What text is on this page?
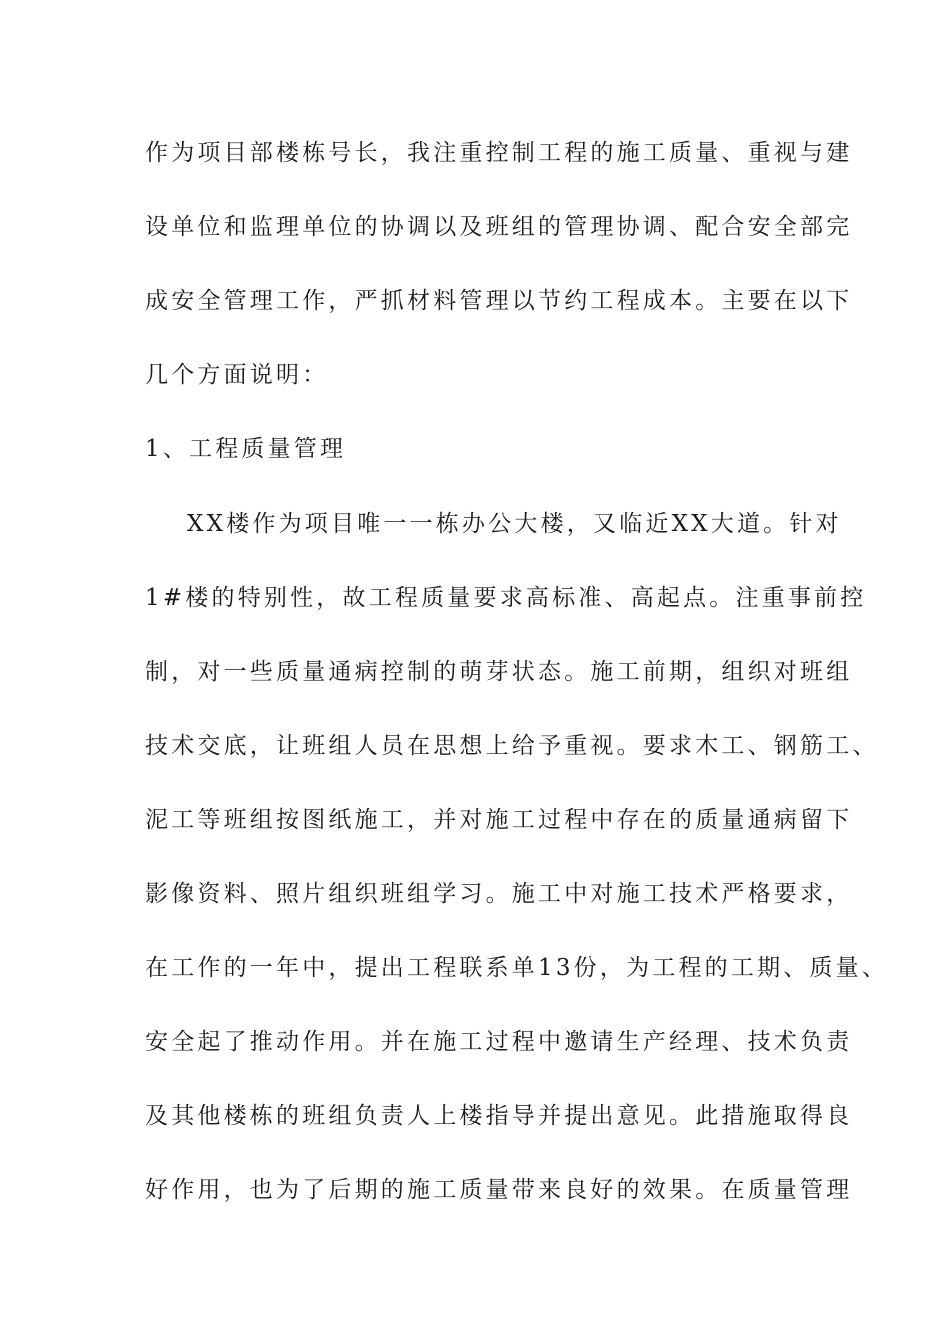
作为项目部楼栋号长，我注重控制工程的施工质量、重视与建
设单位和监理单位的协调以及班组的管理协调、配合安全部完
成安全管理工作，严抓材料管理以节约工程成本。主要在以下
几个方面说明：
1、工程质量管理
XX楼作为项目唯一一栋办公大楼，又临近XX大道。针对
1#楼的特别性，故工程质量要求高标准、高起点。注重事前控
制，对一些质量通病控制的萌芽状态。施工前期，组织对班组
技术交底，让班组人员在思想上给予重视。要求木工、钢筋工、
泥工等班组按图纸施工，并对施工过程中存在的质量通病留下
影像资料、照片组织班组学习。施工中对施工技术严格要求，
在工作的一年中，提出工程联系单13份，为工程的工期、质量、
安全起了推动作用。并在施工过程中邀请生产经理、技术负责
及其他楼栋的班组负责人上楼指导并提出意见。此措施取得良
好作用，也为了后期的施工质量带来良好的效果。在质量管理
